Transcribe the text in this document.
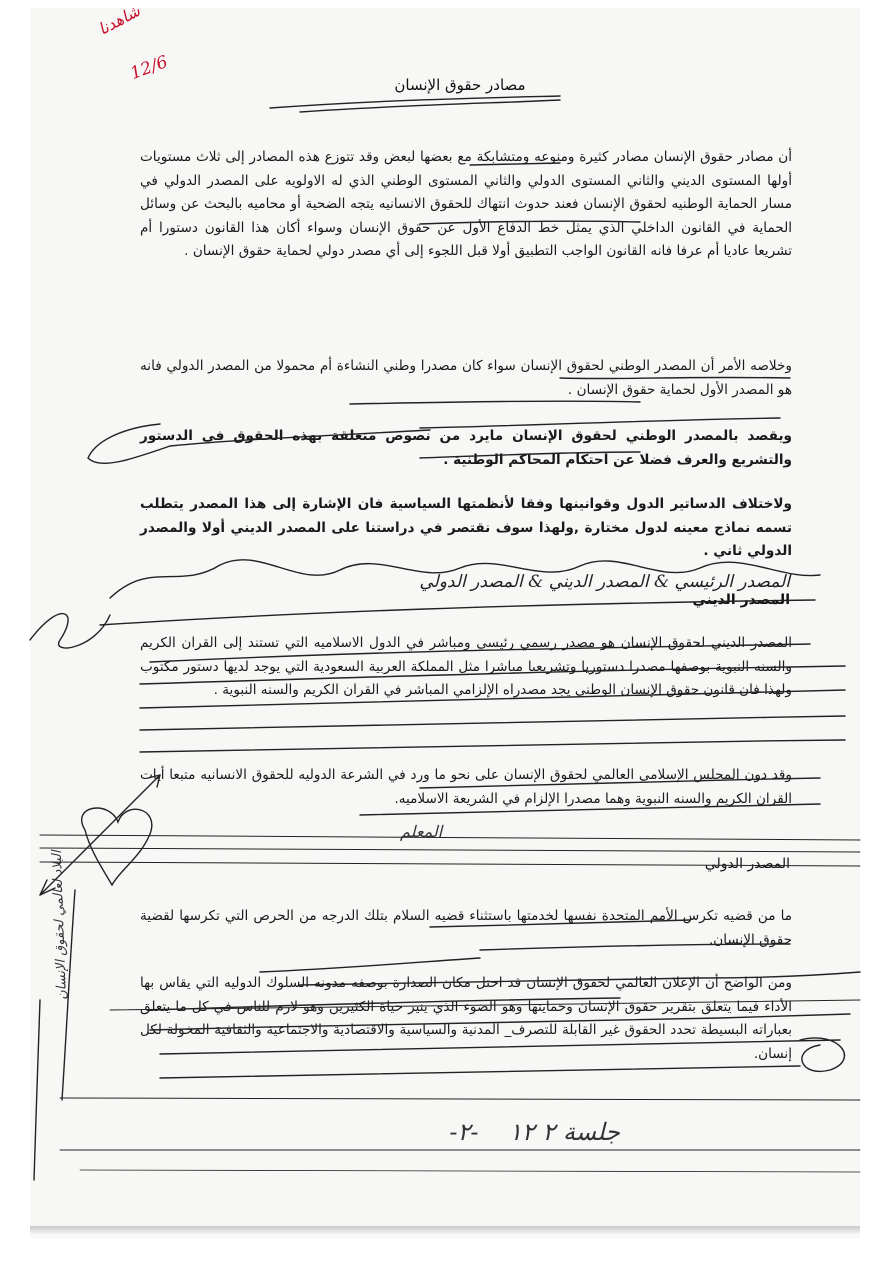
شاهدنا
12/6
مصادر حقوق الإنسان
أن مصادر حقوق الإنسان مصادر كثيرة ومنوعه ومتشابكة مع بعضها لبعض وقد تتوزع هذه المصادر إلى ثلاث مستويات أولها المستوى الديني والثاني المستوى الدولي والثاني المستوى الوطني الذي له الاولويه على المصدر الدولي في مسار الحماية الوطنيه لحقوق الإنسان فعند حدوث انتهاك للحقوق الانسانيه يتجه الضحية أو محاميه بالبحث عن وسائل الحماية في القانون الداخلي الذي يمثل خط الدفاع الأول عن حقوق الإنسان وسواء أكان هذا القانون دستورا أم تشريعا عاديا أم عرفا فانه القانون الواجب التطبيق أولا قبل اللجوء إلى أي مصدر دولي لحماية حقوق الإنسان .
وخلاصه الأمر أن المصدر الوطني لحقوق الإنسان سواء كان مصدرا وطني النشاءة أم محمولا من المصدر الدولي فانه هو المصدر الأول لحماية حقوق الإنسان .
ويقصد بالمصدر الوطني لحقوق الإنسان مايرد من نصوص متعلقة بهذه الحقوق في الدستور والتشريع والعرف فضلا عن احتكام المحاكم الوطنية .
ولاختلاف الدساتير الدول وقوانينها وفقا لأنظمتها السياسية فان الإشارة إلى هذا المصدر يتطلب تسمه نماذج معينه لدول مختارة ,ولهذا سوف نقتصر في دراستنا على المصدر الديني أولا والمصدر الدولي ثاني .
المصدر الرئيسي & المصدر الديني & المصدر الدولي
المصدر الديني
المصدر الديني لحقوق الإنسان هو مصدر رسمي رئيسي ومباشر في الدول الاسلاميه التي تستند إلى القران الكريم والسنه النبوية بوصفها مصدرا دستوريا وتشريعيا مباشرا مثل المملكة العربية السعودية التي يوجد لديها دستور مكتوب ولهذا فان قانون حقوق الإنسان الوطني يجد مصدراه الإلزامي المباشر في القران الكريم والسنه النبوية .
وقد دون المجلس الإسلامي العالمي لحقوق الإنسان على نحو ما ورد في الشرعة الدوليه للحقوق الانسانيه متبعا أيات القران الكريم والسنه النبوية وهما مصدرا الإلزام في الشريعة الاسلاميه.
المعلم
المصدر الدولي
ما من قضيه تكرس الأمم المتحدة نفسها لخدمتها باستثناء قضيه السلام بتلك الدرجه من الحرص التي تكرسها لقضية حقوق الإنسان.
ومن الواضح أن الإعلان العالمي لحقوق الإنسان قد احتل مكان الصدارة بوصفه مدونه السلوك الدوليه التي يقاس بها الأداء فيما يتعلق بتقرير حقوق الإنسان وحمايتها وهو الضوء الذي ينير حياة الكثيرين وهو لازم للناس في كل ما يتعلق بعباراته البسيطة تحدد الحقوق غير القابلة للتصرف_ المدنية والسياسية والاقتصادية والاجتماعية والثقافية المخولة لكل إنسان.
البلاد لعالمي لحقوق الإنسان
جلسة ٢ ١٢    -٢-
